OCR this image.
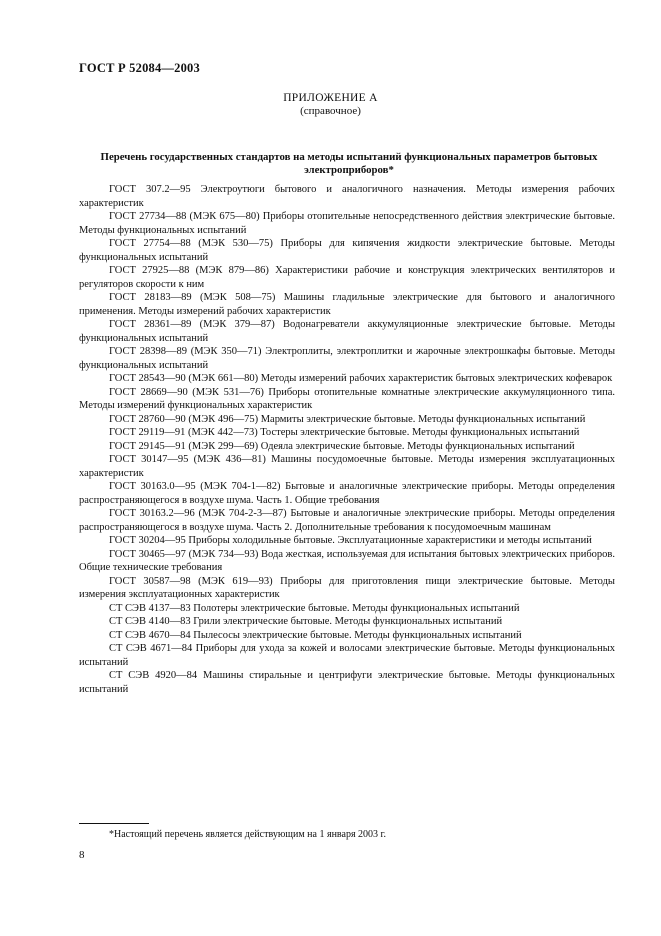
ГОСТ Р 52084—2003
ПРИЛОЖЕНИЕ А
(справочное)
Перечень государственных стандартов на методы испытаний функциональных параметров бытовых электроприборов*

ГОСТ 307.2—95 Электроутюги бытового и аналогичного назначения. Методы измерения рабочих характеристик

ГОСТ 27734—88 (МЭК 675—80) Приборы отопительные непосредственного действия электрические бытовые. Методы функциональных испытаний

ГОСТ 27754—88 (МЭК 530—75) Приборы для кипячения жидкости электрические бытовые. Методы функциональных испытаний

ГОСТ 27925—88 (МЭК 879—86) Характеристики рабочие и конструкция электрических вентиляторов и регуляторов скорости к ним

ГОСТ 28183—89 (МЭК 508—75) Машины гладильные электрические для бытового и аналогичного применения. Методы измерений рабочих характеристик

ГОСТ 28361—89 (МЭК 379—87) Водонагреватели аккумуляционные электрические бытовые. Методы функциональных испытаний

ГОСТ 28398—89 (МЭК 350—71) Электроплиты, электроплитки и жарочные электрошкафы бытовые. Методы функциональных испытаний

ГОСТ 28543—90 (МЭК 661—80) Методы измерений рабочих характеристик бытовых электрических кофеварок

ГОСТ 28669—90 (МЭК 531—76) Приборы отопительные комнатные электрические аккумуляционного типа. Методы измерений функциональных характеристик

ГОСТ 28760—90 (МЭК 496—75) Мармиты электрические бытовые. Методы функциональных испытаний

ГОСТ 29119—91 (МЭК 442—73) Тостеры электрические бытовые. Методы функциональных испытаний

ГОСТ 29145—91 (МЭК 299—69) Одеяла электрические бытовые. Методы функциональных испытаний

ГОСТ 30147—95 (МЭК 436—81) Машины посудомоечные бытовые. Методы измерения эксплуатационных характеристик

ГОСТ 30163.0—95 (МЭК 704-1—82) Бытовые и аналогичные электрические приборы. Методы определения распространяющегося в воздухе шума. Часть 1. Общие требования

ГОСТ 30163.2—96 (МЭК 704-2-3—87) Бытовые и аналогичные электрические приборы. Методы определения распространяющегося в воздухе шума. Часть 2. Дополнительные требования к посудомоечным машинам

ГОСТ 30204—95 Приборы холодильные бытовые. Эксплуатационные характеристики и методы испытаний

ГОСТ 30465—97 (МЭК 734—93) Вода жесткая, используемая для испытания бытовых электрических приборов. Общие технические требования

ГОСТ 30587—98 (МЭК 619—93) Приборы для приготовления пищи электрические бытовые. Методы измерения эксплуатационных характеристик

СТ СЭВ 4137—83 Полотеры электрические бытовые. Методы функциональных испытаний

СТ СЭВ 4140—83 Грили электрические бытовые. Методы функциональных испытаний

СТ СЭВ 4670—84 Пылесосы электрические бытовые. Методы функциональных испытаний

СТ СЭВ 4671—84 Приборы для ухода за кожей и волосами электрические бытовые. Методы функциональных испытаний

СТ СЭВ 4920—84 Машины стиральные и центрифуги электрические бытовые. Методы функциональных испытаний

*Настоящий перечень является действующим на 1 января 2003 г.
8
